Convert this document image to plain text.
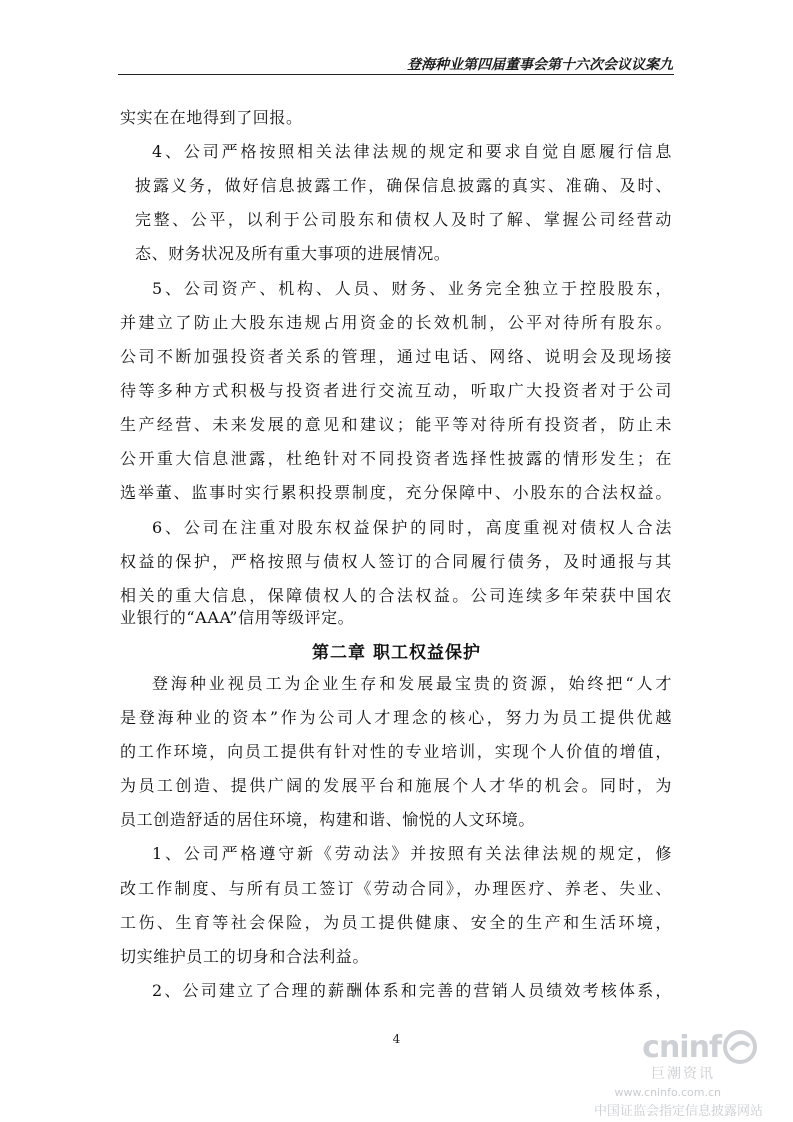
登海种业第四届董事会第十六次会议议案九
实实在在地得到了回报。
4、公司严格按照相关法律法规的规定和要求自觉自愿履行信息
披露义务，做好信息披露工作，确保信息披露的真实、准确、及时、
完整、公平，以利于公司股东和债权人及时了解、掌握公司经营动
态、财务状况及所有重大事项的进展情况。
5、公司资产、机构、人员、财务、业务完全独立于控股股东，
并建立了防止大股东违规占用资金的长效机制，公平对待所有股东。
公司不断加强投资者关系的管理，通过电话、网络、说明会及现场接
待等多种方式积极与投资者进行交流互动，听取广大投资者对于公司
生产经营、未来发展的意见和建议；能平等对待所有投资者，防止未
公开重大信息泄露，杜绝针对不同投资者选择性披露的情形发生；在
选举董、监事时实行累积投票制度，充分保障中、小股东的合法权益。
6、公司在注重对股东权益保护的同时，高度重视对债权人合法
权益的保护，严格按照与债权人签订的合同履行债务，及时通报与其
相关的重大信息，保障债权人的合法权益。公司连续多年荣获中国农
业银行的“AAA”信用等级评定。
第二章 职工权益保护
登海种业视员工为企业生存和发展最宝贵的资源，始终把“人才
是登海种业的资本”作为公司人才理念的核心，努力为员工提供优越
的工作环境，向员工提供有针对性的专业培训，实现个人价值的增值，
为员工创造、提供广阔的发展平台和施展个人才华的机会。同时，为
员工创造舒适的居住环境，构建和谐、愉悦的人文环境。
1、公司严格遵守新《劳动法》并按照有关法律法规的规定，修
改工作制度、与所有员工签订《劳动合同》，办理医疗、养老、失业、
工伤、生育等社会保险，为员工提供健康、安全的生产和生活环境，
切实维护员工的切身和合法利益。
2、公司建立了合理的薪酬体系和完善的营销人员绩效考核体系，
4	cninf
巨潮资讯
www.cninfo.com.cn
中国证监会指定信息披露网站
